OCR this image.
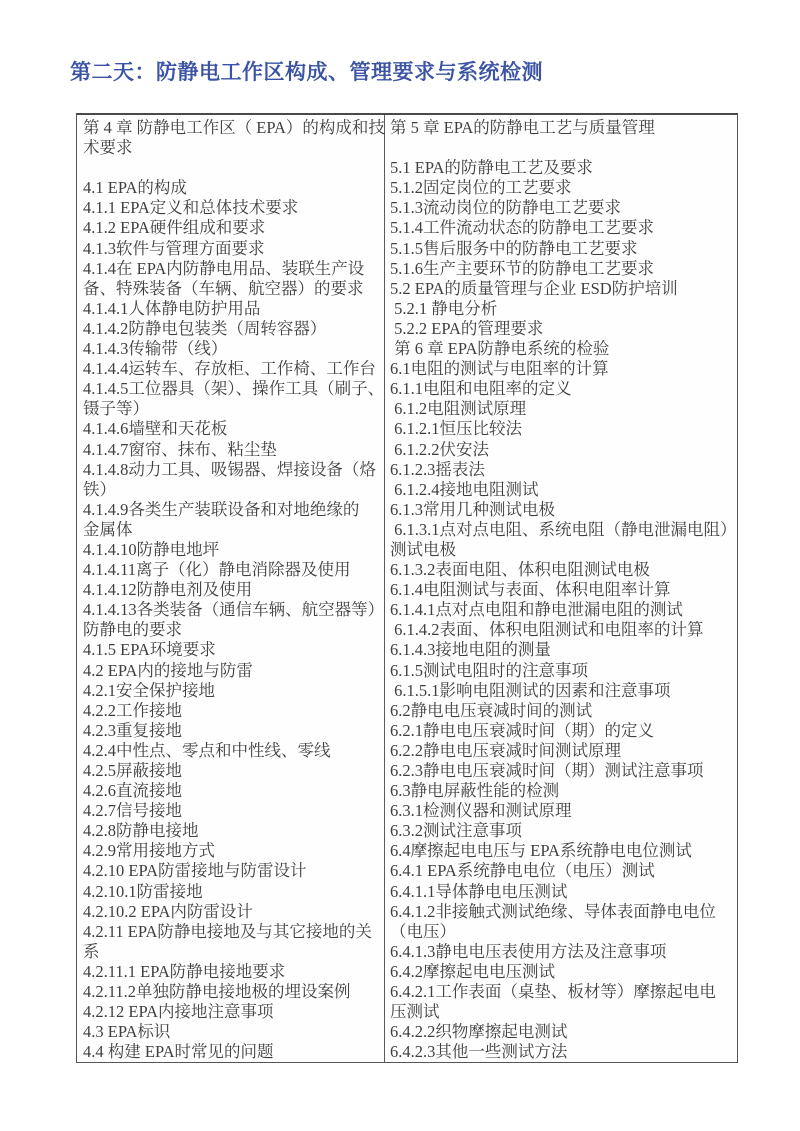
第二天：防静电工作区构成、管理要求与系统检测
第 4 章 防静电工作区（ EPA）的构成和技
术要求
4.1 EPA的构成
4.1.1 EPA定义和总体技术要求
4.1.2 EPA硬件组成和要求
4.1.3软件与管理方面要求
4.1.4在 EPA内防静电用品、装联生产设
备、特殊装备（车辆、航空器）的要求
4.1.4.1人体静电防护用品
4.1.4.2防静电包装类（周转容器）
4.1.4.3传输带（线）
4.1.4.4运转车、存放柜、工作椅、工作台
4.1.4.5工位器具（架）、操作工具（刷子、
镊子等）
4.1.4.6墙壁和天花板
4.1.4.7窗帘、抹布、粘尘垫
4.1.4.8动力工具、吸锡器、焊接设备（烙
铁）
4.1.4.9各类生产装联设备和对地绝缘的
金属体
4.1.4.10防静电地坪
4.1.4.11离子（化）静电消除器及使用
4.1.4.12防静电剂及使用
4.1.4.13各类装备（通信车辆、航空器等）
防静电的要求
4.1.5 EPA环境要求
4.2 EPA内的接地与防雷
4.2.1安全保护接地
4.2.2工作接地
4.2.3重复接地
4.2.4中性点、零点和中性线、零线
4.2.5屏蔽接地
4.2.6直流接地
4.2.7信号接地
4.2.8防静电接地
4.2.9常用接地方式
4.2.10 EPA防雷接地与防雷设计
4.2.10.1防雷接地
4.2.10.2 EPA内防雷设计
4.2.11 EPA防静电接地及与其它接地的关
系
4.2.11.1 EPA防静电接地要求
4.2.11.2单独防静电接地极的埋设案例
4.2.12 EPA内接地注意事项
4.3 EPA标识
4.4 构建 EPA时常见的问题
第 5 章 EPA的防静电工艺与质量管理
5.1 EPA的防静电工艺及要求
5.1.2固定岗位的工艺要求
5.1.3流动岗位的防静电工艺要求
5.1.4工件流动状态的防静电工艺要求
5.1.5售后服务中的防静电工艺要求
5.1.6生产主要环节的防静电工艺要求
5.2 EPA的质量管理与企业 ESD防护培训
5.2.1 静电分析
5.2.2 EPA的管理要求
第 6 章 EPA防静电系统的检验
6.1电阻的测试与电阻率的计算
6.1.1电阻和电阻率的定义
6.1.2电阻测试原理
6.1.2.1恒压比较法
6.1.2.2伏安法
6.1.2.3摇表法
6.1.2.4接地电阻测试
6.1.3常用几种测试电极
6.1.3.1点对点电阻、系统电阻（静电泄漏电阻）
测试电极
6.1.3.2表面电阻、体积电阻测试电极
6.1.4电阻测试与表面、体积电阻率计算
6.1.4.1点对点电阻和静电泄漏电阻的测试
6.1.4.2表面、体积电阻测试和电阻率的计算
6.1.4.3接地电阻的测量
6.1.5测试电阻时的注意事项
6.1.5.1影响电阻测试的因素和注意事项
6.2静电电压衰减时间的测试
6.2.1静电电压衰减时间（期）的定义
6.2.2静电电压衰减时间测试原理
6.2.3静电电压衰减时间（期）测试注意事项
6.3静电屏蔽性能的检测
6.3.1检测仪器和测试原理
6.3.2测试注意事项
6.4摩擦起电电压与 EPA系统静电电位测试
6.4.1 EPA系统静电电位（电压）测试
6.4.1.1导体静电电压测试
6.4.1.2非接触式测试绝缘、导体表面静电电位
（电压）
6.4.1.3静电电压表使用方法及注意事项
6.4.2摩擦起电电压测试
6.4.2.1工作表面（桌垫、板材等）摩擦起电电
压测试
6.4.2.2织物摩擦起电测试
6.4.2.3其他一些测试方法
